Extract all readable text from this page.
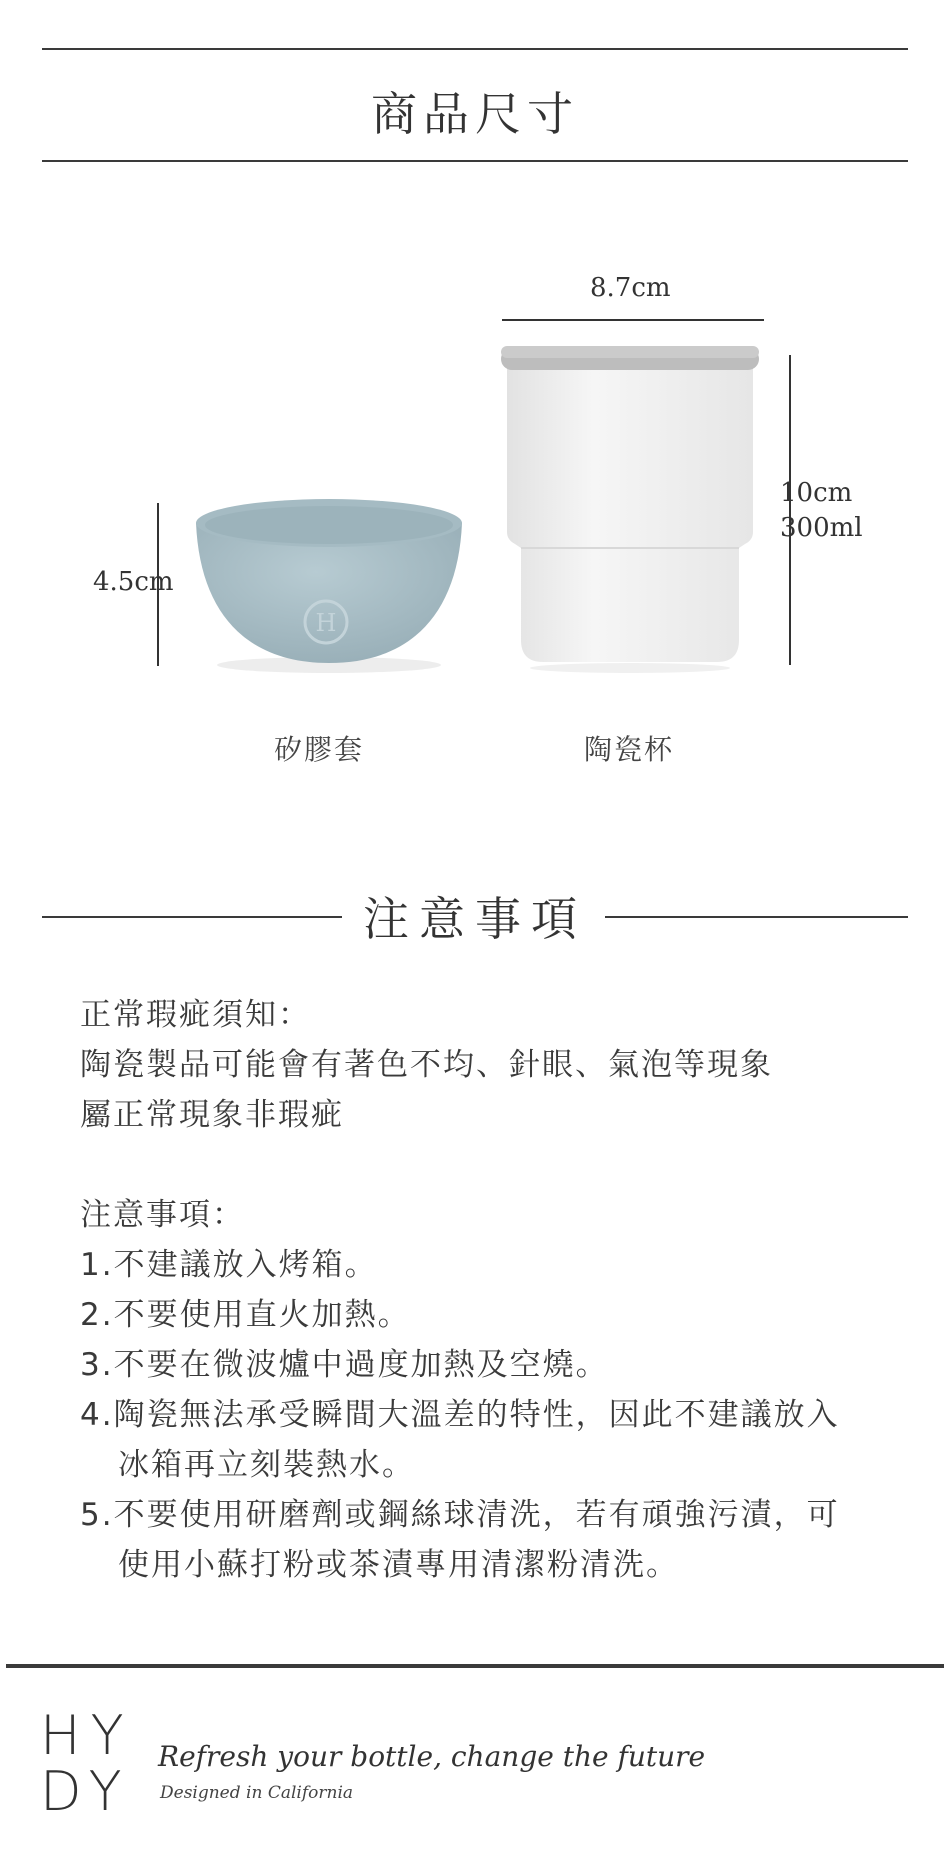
商品尺寸
8.7cm
10cm
300ml
4.5cm
H
矽膠套	陶瓷杯
注意事項

正常瑕疵須知：

陶瓷製品可能會有著色不均、針眼、氣泡等現象

屬正常現象非瑕疵

注意事項：

1.不建議放入烤箱。

2.不要使用直火加熱。

3.不要在微波爐中過度加熱及空燒。

4.陶瓷無法承受瞬間大溫差的特性，因此不建議放入

冰箱再立刻裝熱水。

5.不要使用研磨劑或鋼絲球清洗，若有頑強污漬，可

使用小蘇打粉或茶漬專用清潔粉清洗。

HY
DY
Refresh your bottle, change the future
Designed in California
